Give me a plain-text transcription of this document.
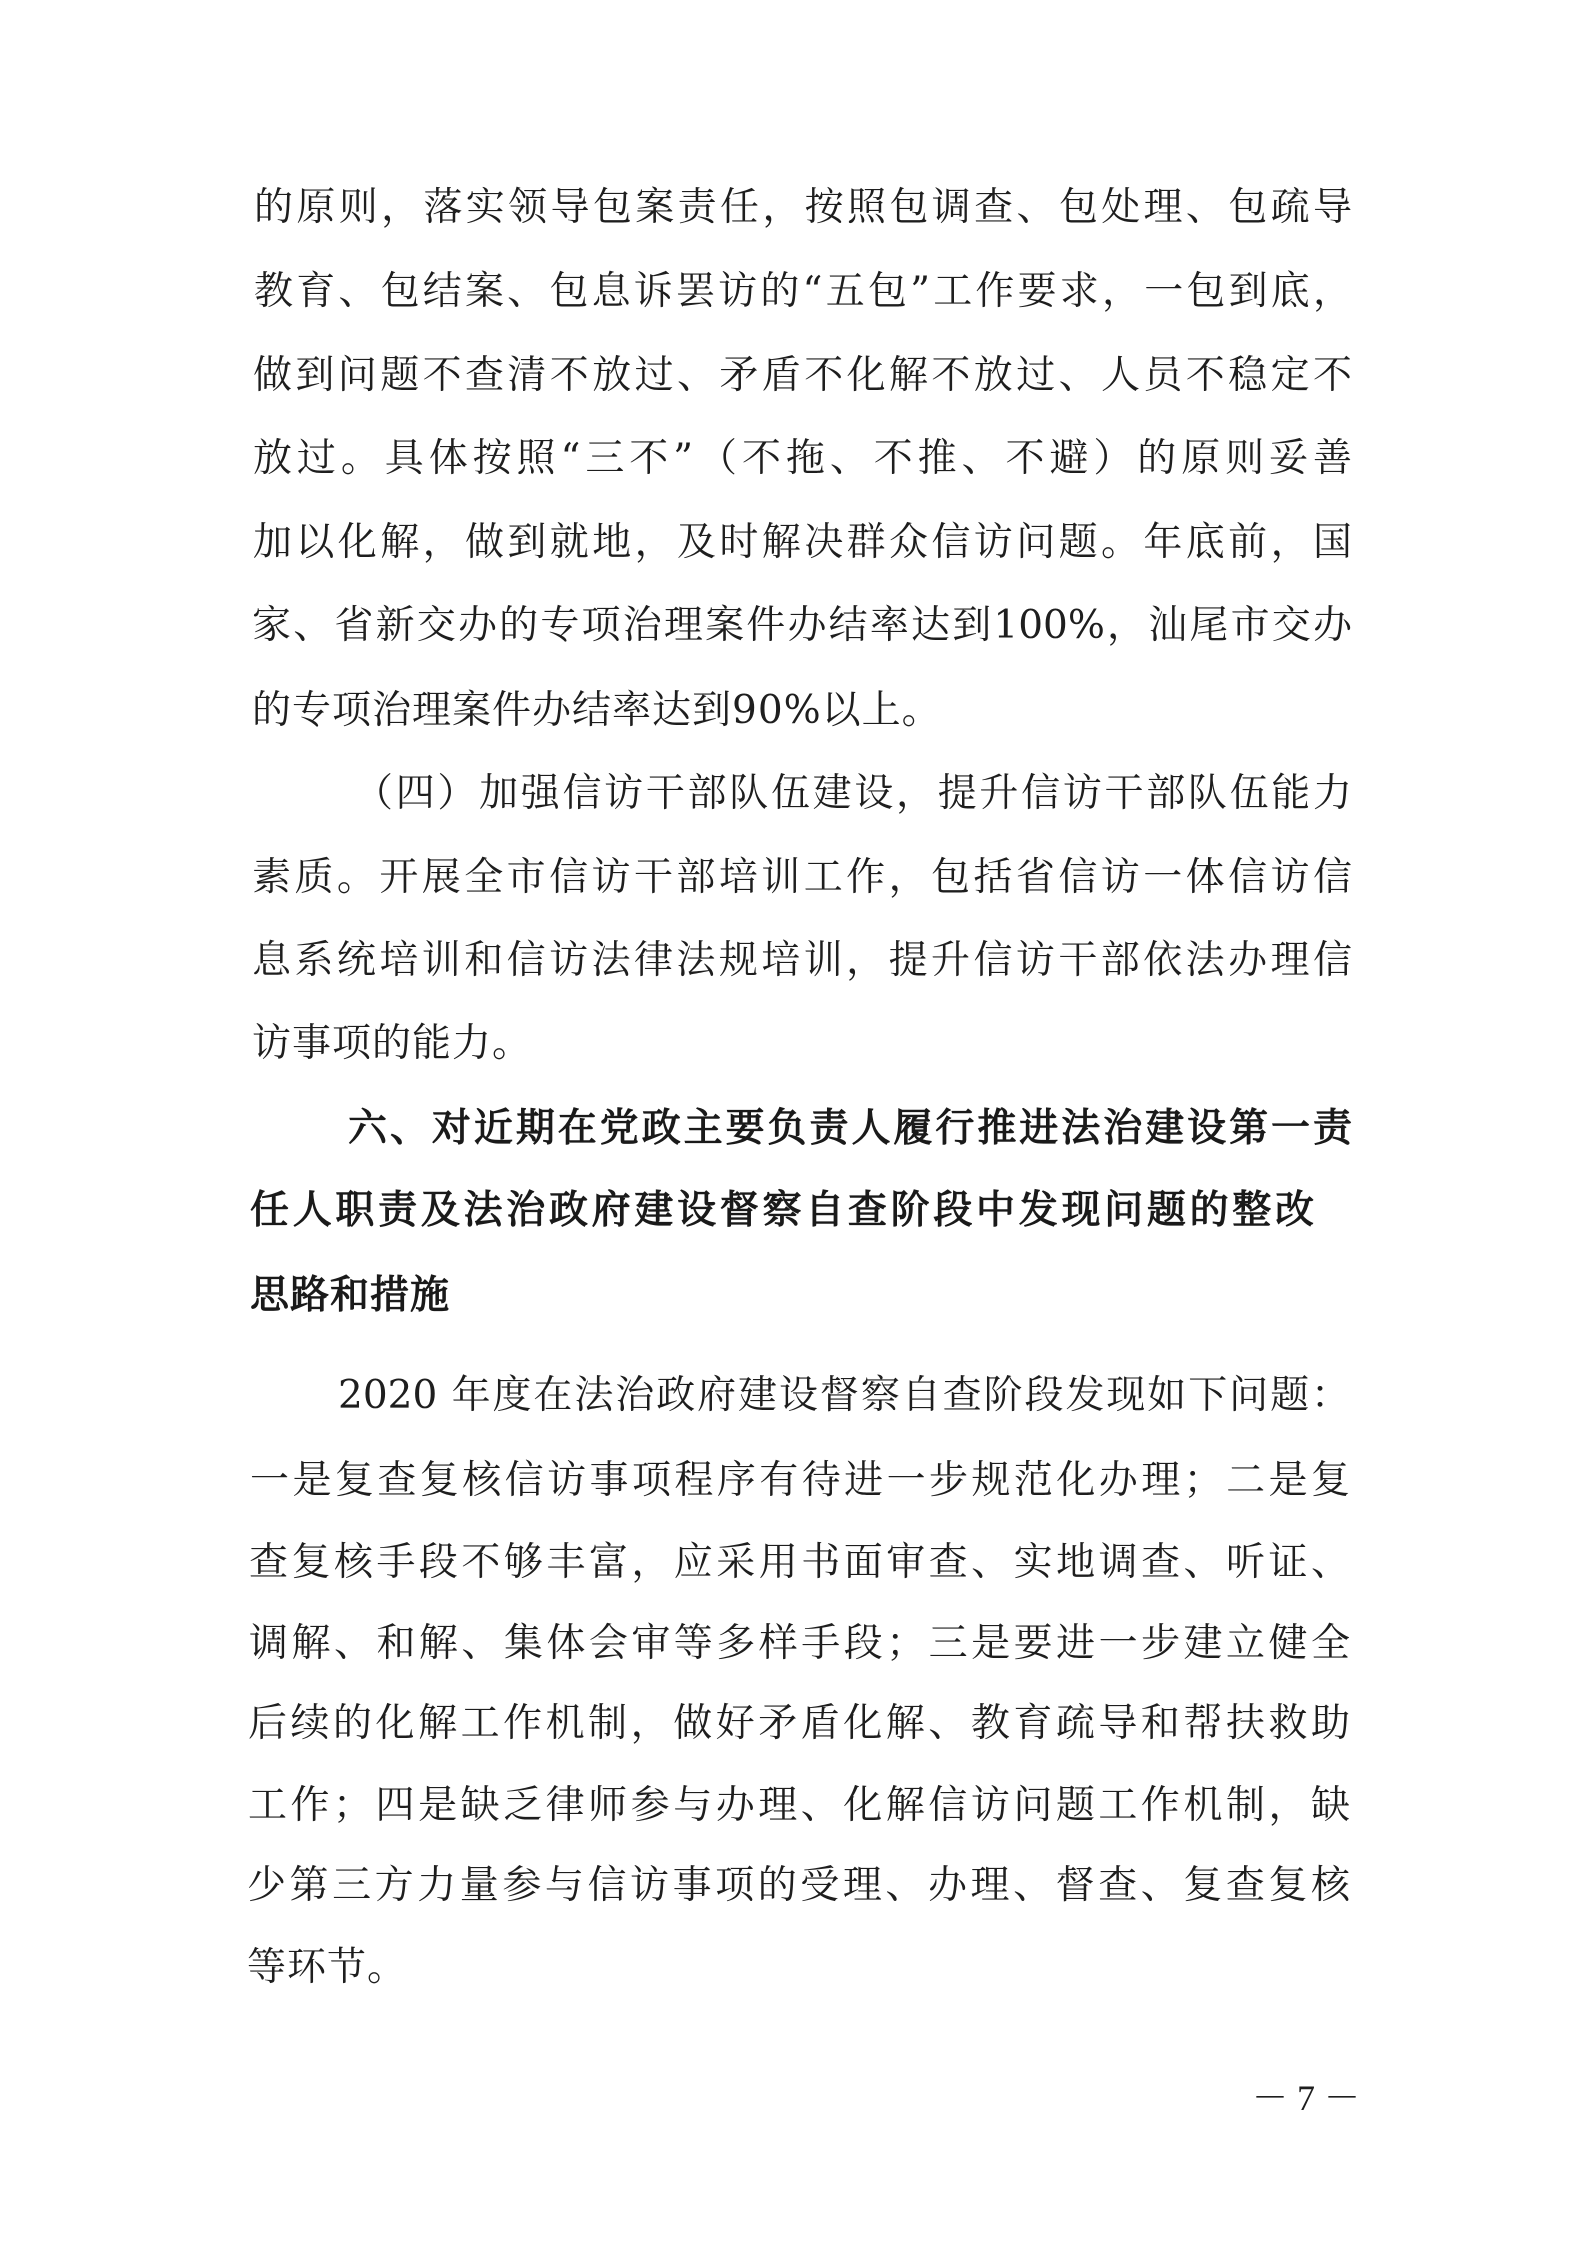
的​原​则​，​落​实​领​导​包​案​责​任​，​按​照​包​调​查​、​包​处​理​、​包​疏​导
教​育​、​包​结​案​、​包​息​诉​罢​访​的​“​五​包​”​工​作​要​求​，​一​包​到​底​，
做​到​问​题​不​查​清​不​放​过​、​矛​盾​不​化​解​不​放​过​、​人​员​不​稳​定​不
放​过​。​具​体​按​照​“​三​不​”​（​不​拖​、​不​推​、​不​避​）​的​原​则​妥​善
加​以​化​解​，​做​到​就​地​，​及​时​解​决​群​众​信​访​问​题​。​年​底​前​，​国
家​、​省​新​交​办​的​专​项​治​理​案​件​办​结​率​达​到​1​0​0​%​，​汕​尾​市​交​办
的专项治理案件办结率达到90%以上。
（​四​）​加​强​信​访​干​部​队​伍​建​设​，​提​升​信​访​干​部​队​伍​能​力
素​质​。​开​展​全​市​信​访​干​部​培​训​工​作​，​包​括​省​信​访​一​体​信​访​信
息​系​统​培​训​和​信​访​法​律​法​规​培​训​，​提​升​信​访​干​部​依​法​办​理​信
访事项的能力。
六​、​对​近​期​在​党​政​主​要​负​责​人​履​行​推​进​法​治​建​设​第​一​责
任​人​职​责​及​法​治​政​府​建​设​督​察​自​查​阶​段​中​发​现​问​题​的​整​改
思路和措施
2​0​2​0​ ​年​度​在​法​治​政​府​建​设​督​察​自​查​阶​段​发​现​如​下​问​题​：
一​是​复​查​复​核​信​访​事​项​程​序​有​待​进​一​步​规​范​化​办​理​；​二​是​复
查​复​核​手​段​不​够​丰​富​，​应​采​用​书​面​审​查​、​实​地​调​查​、​听​证​、
调​解​、​和​解​、​集​体​会​审​等​多​样​手​段​；​三​是​要​进​一​步​建​立​健​全
后​续​的​化​解​工​作​机​制​，​做​好​矛​盾​化​解​、​教​育​疏​导​和​帮​扶​救​助
工​作​；​四​是​缺​乏​律​师​参​与​办​理​、​化​解​信​访​问​题​工​作​机​制​，​缺
少​第​三​方​力​量​参​与​信​访​事​项​的​受​理​、​办​理​、​督​查​、​复​查​复​核
等环节。
－​ ​7​ ​－
